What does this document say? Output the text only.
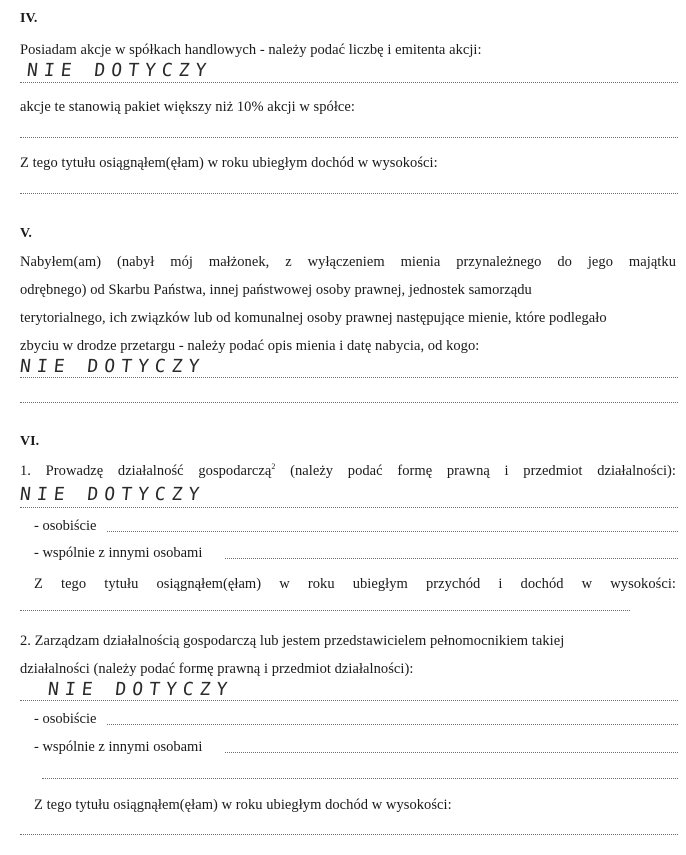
IV.
Posiadam akcje w spółkach handlowych - należy podać liczbę i emitenta akcji:
NIE DOTYCZY
akcje te stanowią pakiet większy niż 10% akcji w spółce:
Z tego tytułu osiągnąłem(ęłam) w roku ubiegłym dochód w wysokości:
V.
Nabyłem(am) (nabył mój małżonek, z wyłączeniem mienia przynależnego do jego majątku
odrębnego) od Skarbu Państwa, innej państwowej osoby prawnej, jednostek samorządu
terytorialnego, ich związków lub od komunalnej osoby prawnej następujące mienie, które podlegało
zbyciu w drodze przetargu - należy podać opis mienia i datę nabycia, od kogo:
NIE DOTYCZY
VI.
1. Prowadzę działalność gospodarczą$^2$ (należy podać formę prawną i przedmiot działalności):
NIE DOTYCZY
- osobiście
- wspólnie z innymi osobami
Z tego tytułu osiągnąłem(ęłam) w roku ubiegłym przychód i dochód w wysokości:
2. Zarządzam działalnością gospodarczą lub jestem przedstawicielem pełnomocnikiem takiej
działalności (należy podać formę prawną i przedmiot działalności):
NIE DOTYCZY
- osobiście
- wspólnie z innymi osobami
Z tego tytułu osiągnąłem(ęłam) w roku ubiegłym dochód w wysokości:
